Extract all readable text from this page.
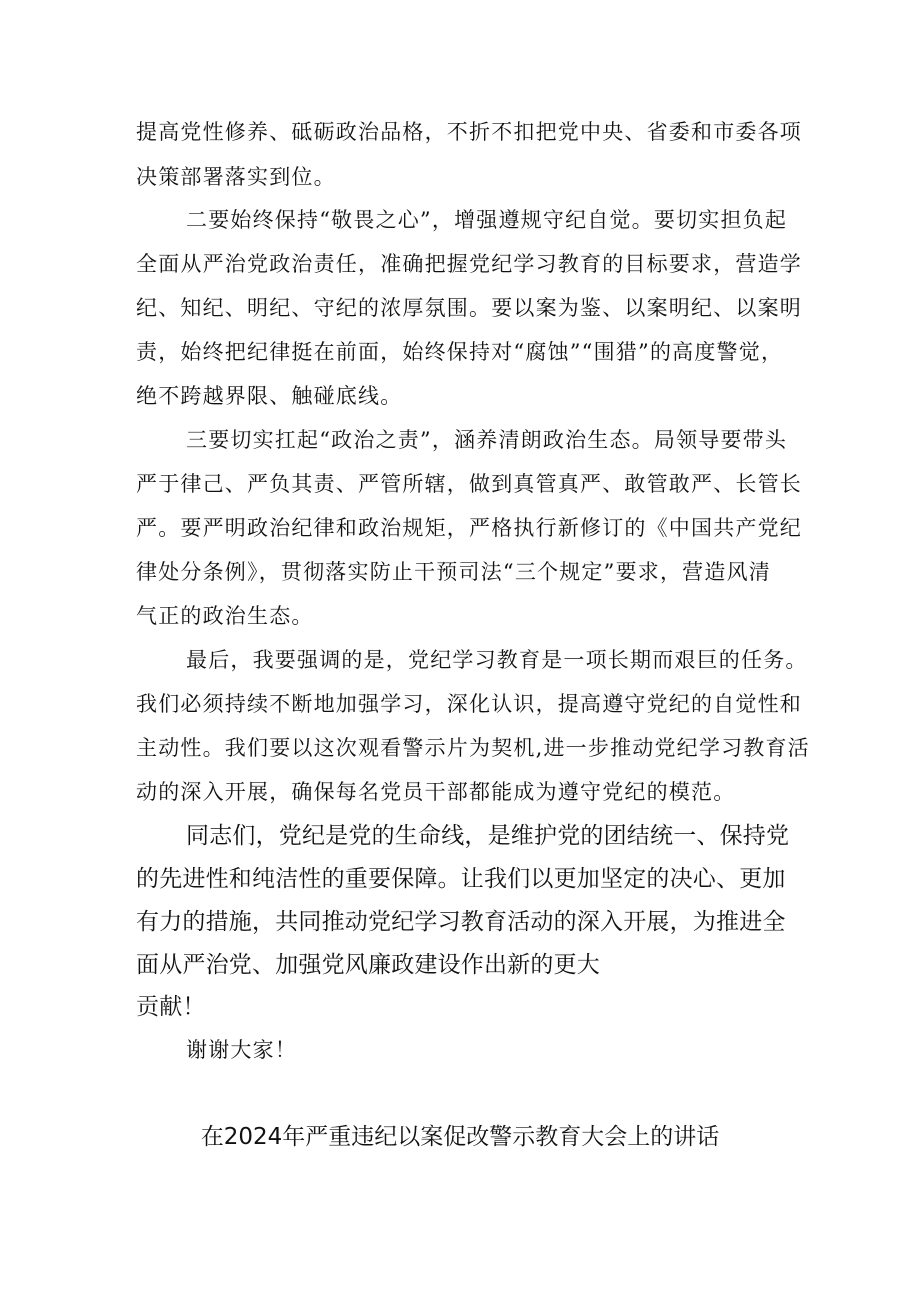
提高党性修养、砥砺政治品格，不折不扣把党中央、省委和市委各项
决策部署落实到位。
二要始终保持“敬畏之心”，增强遵规守纪自觉。要切实担负起
全面从严治党政治责任，准确把握党纪学习教育的目标要求，营造学
纪、知纪、明纪、守纪的浓厚氛围。要以案为鉴、以案明纪、以案明
责，始终把纪律挺在前面，始终保持对“腐蚀”“围猎”的高度警觉，
绝不跨越界限、触碰底线。
三要切实扛起“政治之责”，涵养清朗政治生态。局领导要带头
严于律己、严负其责、严管所辖，做到真管真严、敢管敢严、长管长
严。要严明政治纪律和政治规矩，严格执行新修订的《中国共产党纪
律处分条例》，贯彻落实防止干预司法“三个规定”要求，营造风清
气正的政治生态。
最后，我要强调的是，党纪学习教育是一项长期而艰巨的任务。
我们必须持续不断地加强学习，深化认识，提高遵守党纪的自觉性和
主动性。我们要以这次观看警示片为契机,进一步推动党纪学习教育活
动的深入开展，确保每名党员干部都能成为遵守党纪的模范。
同志们，党纪是党的生命线，是维护党的团结统一、保持党
的先进性和纯洁性的重要保障。让我们以更加坚定的决心、更加
有力的措施，共同推动党纪学习教育活动的深入开展，为推进全
面从严治党、加强党风廉政建设作出新的更大
贡献！
谢谢大家！
在2024年严重违纪以案促改警示教育大会上的讲话
